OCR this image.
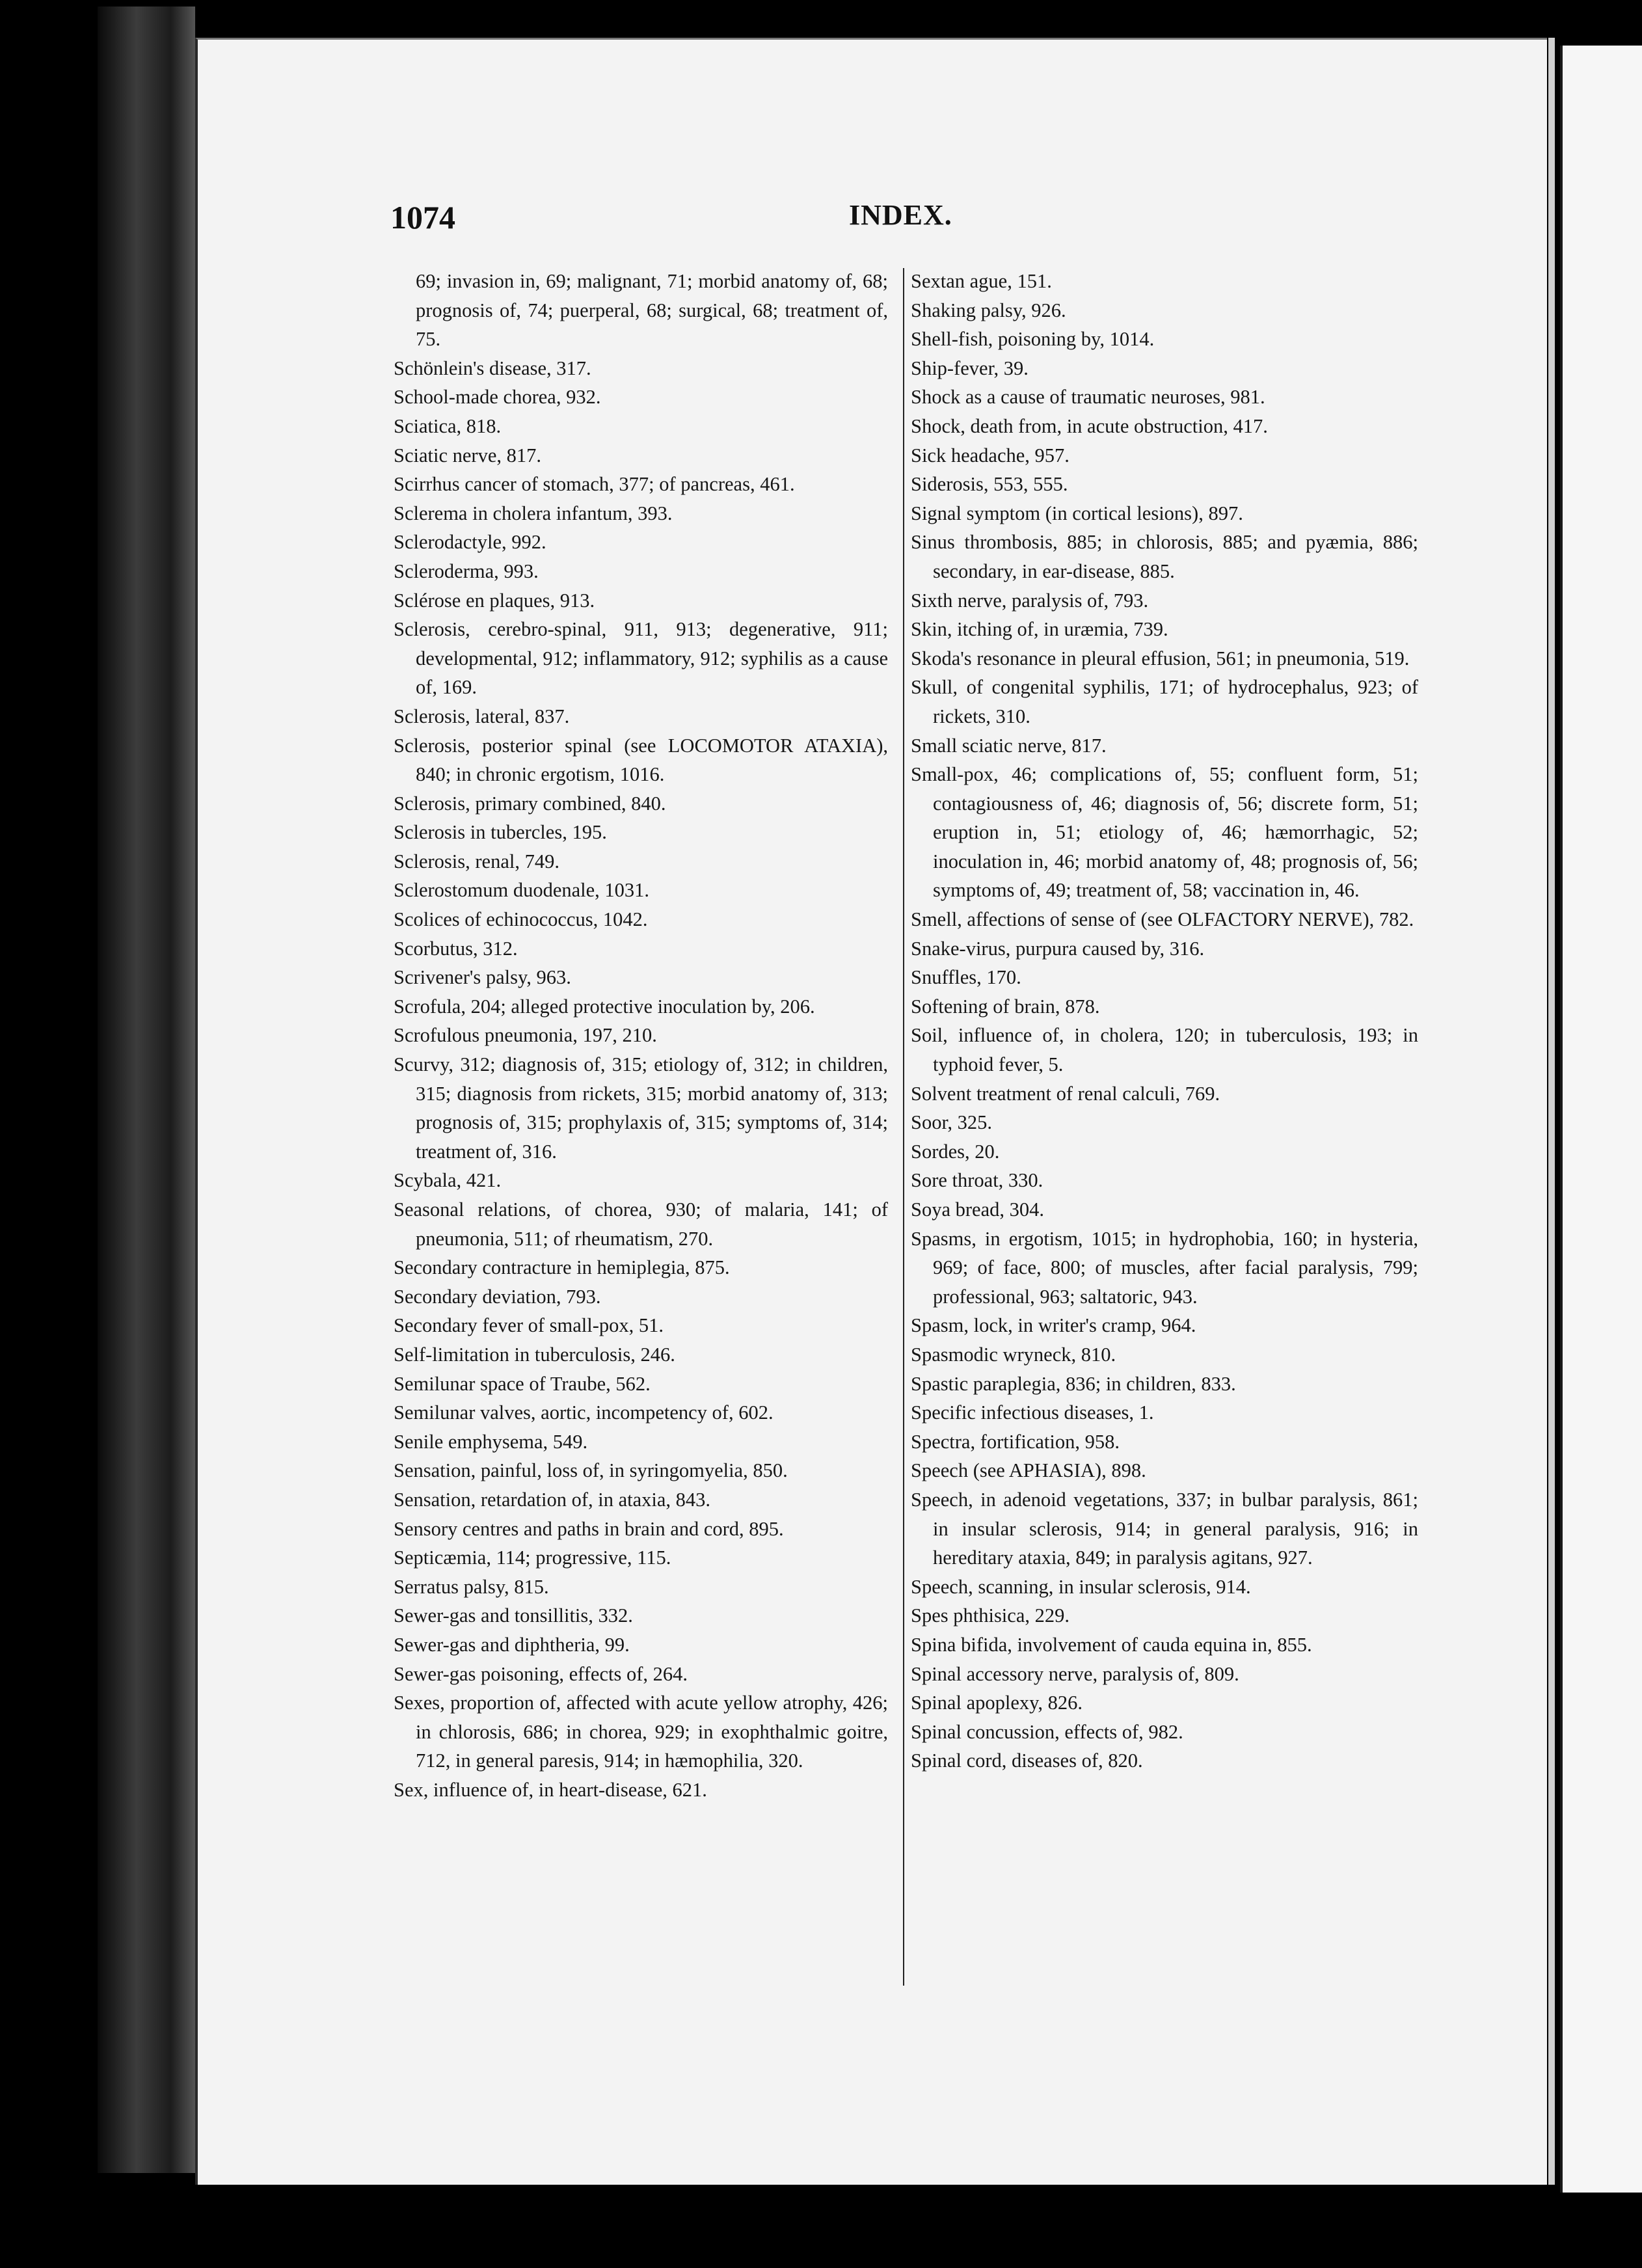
1074	INDEX.
69; invasion in, 69; malignant, 71; morbid anatomy of, 68; prognosis of, 74; puerperal, 68; surgical, 68; treatment of, 75.
Schönlein's disease, 317.
School-made chorea, 932.
Sciatica, 818.
Sciatic nerve, 817.
Scirrhus cancer of stomach, 377; of pancreas, 461.
Sclerema in cholera infantum, 393.
Sclerodactyle, 992.
Scleroderma, 993.
Sclérose en plaques, 913.
Sclerosis, cerebro-spinal, 911, 913; degenerative, 911; developmental, 912; inflammatory, 912; syphilis as a cause of, 169.
Sclerosis, lateral, 837.
Sclerosis, posterior spinal (see LOCOMOTOR ATAXIA), 840; in chronic ergotism, 1016.
Sclerosis, primary combined, 840.
Sclerosis in tubercles, 195.
Sclerosis, renal, 749.
Sclerostomum duodenale, 1031.
Scolices of echinococcus, 1042.
Scorbutus, 312.
Scrivener's palsy, 963.
Scrofula, 204; alleged protective inoculation by, 206.
Scrofulous pneumonia, 197, 210.
Scurvy, 312; diagnosis of, 315; etiology of, 312; in children, 315; diagnosis from rickets, 315; morbid anatomy of, 313; prognosis of, 315; prophylaxis of, 315; symptoms of, 314; treatment of, 316.
Scybala, 421.
Seasonal relations, of chorea, 930; of malaria, 141; of pneumonia, 511; of rheumatism, 270.
Secondary contracture in hemiplegia, 875.
Secondary deviation, 793.
Secondary fever of small-pox, 51.
Self-limitation in tuberculosis, 246.
Semilunar space of Traube, 562.
Semilunar valves, aortic, incompetency of, 602.
Senile emphysema, 549.
Sensation, painful, loss of, in syringomyelia, 850.
Sensation, retardation of, in ataxia, 843.
Sensory centres and paths in brain and cord, 895.
Septicæmia, 114; progressive, 115.
Serratus palsy, 815.
Sewer-gas and tonsillitis, 332.
Sewer-gas and diphtheria, 99.
Sewer-gas poisoning, effects of, 264.
Sexes, proportion of, affected with acute yellow atrophy, 426; in chlorosis, 686; in chorea, 929; in exophthalmic goitre, 712, in general paresis, 914; in hæmophilia, 320.
Sex, influence of, in heart-disease, 621.
Sextan ague, 151.
Shaking palsy, 926.
Shell-fish, poisoning by, 1014.
Ship-fever, 39.
Shock as a cause of traumatic neuroses, 981.
Shock, death from, in acute obstruction, 417.
Sick headache, 957.
Siderosis, 553, 555.
Signal symptom (in cortical lesions), 897.
Sinus thrombosis, 885; in chlorosis, 885; and pyæmia, 886; secondary, in ear-disease, 885.
Sixth nerve, paralysis of, 793.
Skin, itching of, in uræmia, 739.
Skoda's resonance in pleural effusion, 561; in pneumonia, 519.
Skull, of congenital syphilis, 171; of hydrocephalus, 923; of rickets, 310.
Small sciatic nerve, 817.
Small-pox, 46; complications of, 55; confluent form, 51; contagiousness of, 46; diagnosis of, 56; discrete form, 51; eruption in, 51; etiology of, 46; hæmorrhagic, 52; inoculation in, 46; morbid anatomy of, 48; prognosis of, 56; symptoms of, 49; treatment of, 58; vaccination in, 46.
Smell, affections of sense of (see OLFACTORY NERVE), 782.
Snake-virus, purpura caused by, 316.
Snuffles, 170.
Softening of brain, 878.
Soil, influence of, in cholera, 120; in tuberculosis, 193; in typhoid fever, 5.
Solvent treatment of renal calculi, 769.
Soor, 325.
Sordes, 20.
Sore throat, 330.
Soya bread, 304.
Spasms, in ergotism, 1015; in hydrophobia, 160; in hysteria, 969; of face, 800; of muscles, after facial paralysis, 799; professional, 963; saltatoric, 943.
Spasm, lock, in writer's cramp, 964.
Spasmodic wryneck, 810.
Spastic paraplegia, 836; in children, 833.
Specific infectious diseases, 1.
Spectra, fortification, 958.
Speech (see APHASIA), 898.
Speech, in adenoid vegetations, 337; in bulbar paralysis, 861; in insular sclerosis, 914; in general paralysis, 916; in hereditary ataxia, 849; in paralysis agitans, 927.
Speech, scanning, in insular sclerosis, 914.
Spes phthisica, 229.
Spina bifida, involvement of cauda equina in, 855.
Spinal accessory nerve, paralysis of, 809.
Spinal apoplexy, 826.
Spinal concussion, effects of, 982.
Spinal cord, diseases of, 820.
